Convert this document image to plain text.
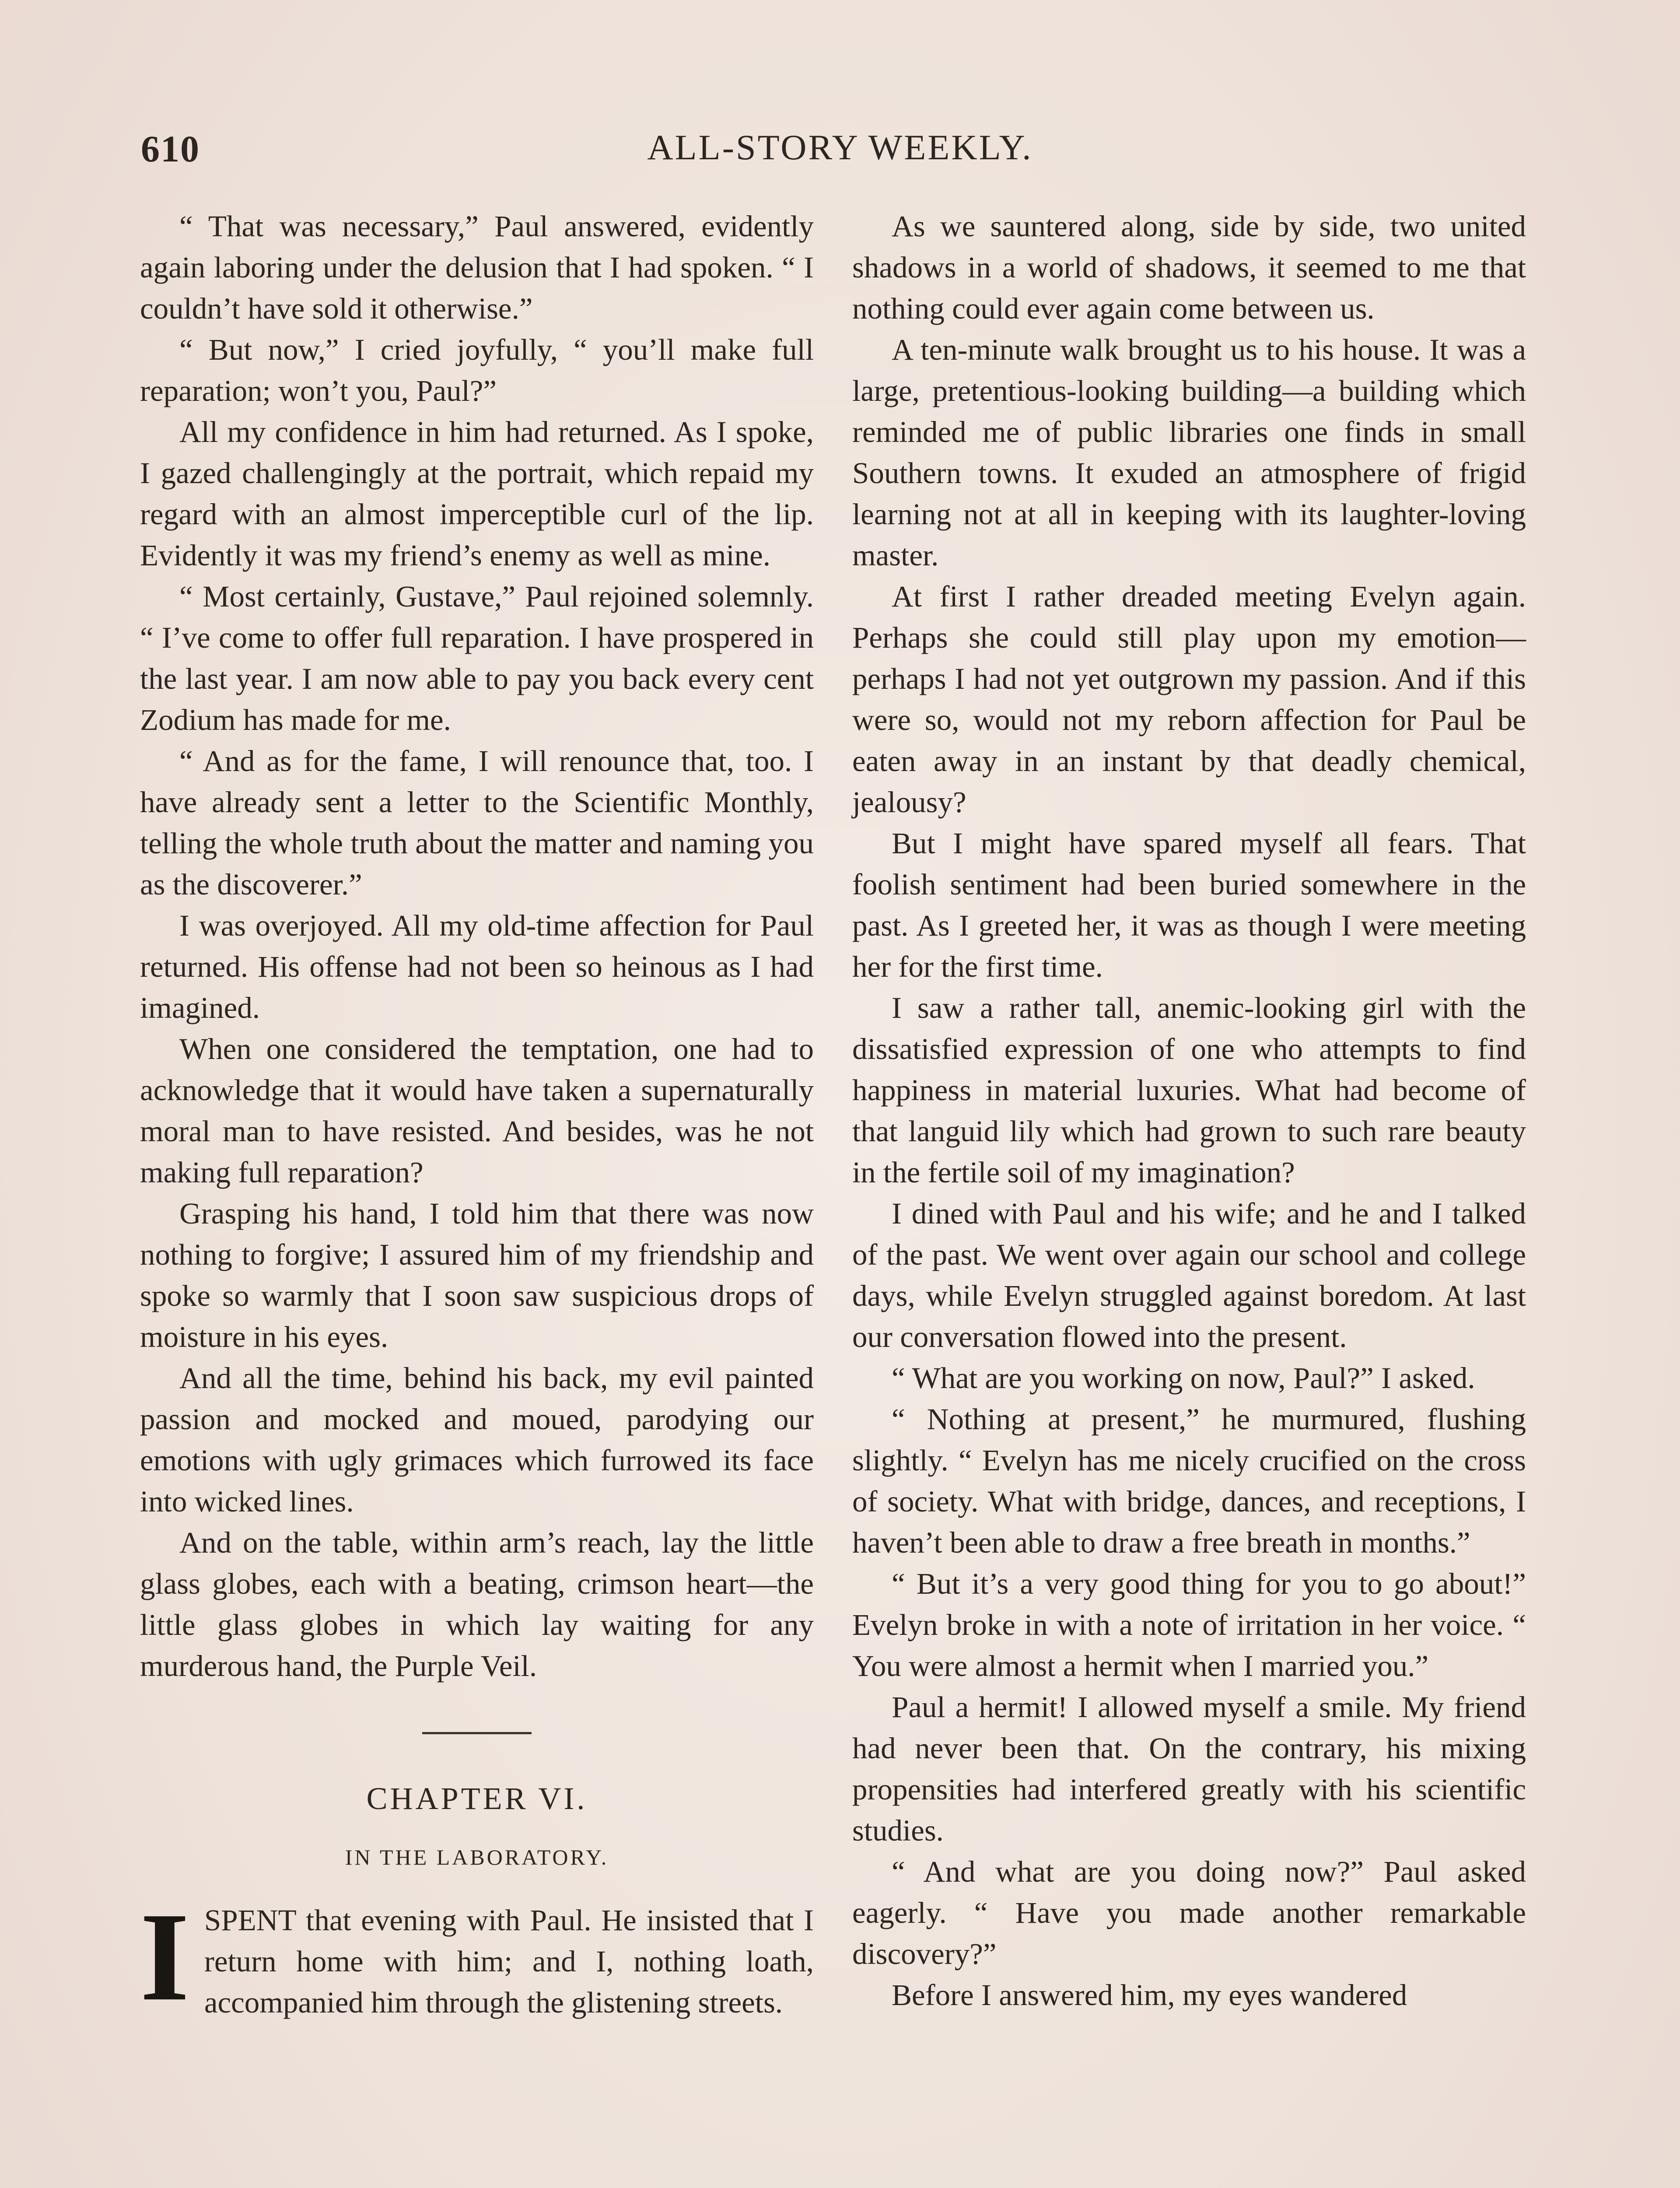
610	ALL-STORY WEEKLY.

“ That was necessary,” Paul answered, evidently again laboring under the delusion that I had spoken. “ I couldn’t have sold it otherwise.”

“ But now,” I cried joyfully, “ you’ll make full reparation; won’t you, Paul?”

All my confidence in him had returned. As I spoke, I gazed challengingly at the portrait, which repaid my regard with an almost imperceptible curl of the lip. Evidently it was my friend’s enemy as well as mine.

“ Most certainly, Gustave,” Paul rejoined solemnly. “ I’ve come to offer full reparation. I have prospered in the last year. I am now able to pay you back every cent Zodium has made for me.

“ And as for the fame, I will renounce that, too. I have already sent a letter to the Scientific Monthly, telling the whole truth about the matter and naming you as the discoverer.”

I was overjoyed. All my old-time affection for Paul returned. His offense had not been so heinous as I had imagined.

When one considered the temptation, one had to acknowledge that it would have taken a supernaturally moral man to have resisted. And besides, was he not making full reparation?

Grasping his hand, I told him that there was now nothing to forgive; I assured him of my friendship and spoke so warmly that I soon saw suspicious drops of moisture in his eyes.

And all the time, behind his back, my evil painted passion and mocked and moued, parodying our emotions with ugly grimaces which furrowed its face into wicked lines.

And on the table, within arm’s reach, lay the little glass globes, each with a beating, crimson heart—the little glass globes in which lay waiting for any murderous hand, the Purple Veil.

CHAPTER VI.

IN THE LABORATORY.

ISPENT that evening with Paul. He insisted that I return home with him; and I, nothing loath, accompanied him through the glistening streets.

As we sauntered along, side by side, two united shadows in a world of shadows, it seemed to me that nothing could ever again come between us.

A ten-minute walk brought us to his house. It was a large, pretentious-looking building—a building which reminded me of public libraries one finds in small Southern towns. It exuded an atmosphere of frigid learning not at all in keeping with its laughter-loving master.

At first I rather dreaded meeting Evelyn again. Perhaps she could still play upon my emotion—perhaps I had not yet outgrown my passion. And if this were so, would not my reborn affection for Paul be eaten away in an instant by that deadly chemical, jealousy?

But I might have spared myself all fears. That foolish sentiment had been buried somewhere in the past. As I greeted her, it was as though I were meeting her for the first time.

I saw a rather tall, anemic-looking girl with the dissatisfied expression of one who attempts to find happiness in material luxuries. What had become of that languid lily which had grown to such rare beauty in the fertile soil of my imagination?

I dined with Paul and his wife; and he and I talked of the past. We went over again our school and college days, while Evelyn struggled against boredom. At last our conversation flowed into the present.

“ What are you working on now, Paul?” I asked.

“ Nothing at present,” he murmured, flushing slightly. “ Evelyn has me nicely crucified on the cross of society. What with bridge, dances, and receptions, I haven’t been able to draw a free breath in months.”

“ But it’s a very good thing for you to go about!” Evelyn broke in with a note of irritation in her voice. “ You were almost a hermit when I married you.”

Paul a hermit! I allowed myself a smile. My friend had never been that. On the contrary, his mixing propensities had interfered greatly with his scientific studies.

“ And what are you doing now?” Paul asked eagerly. “ Have you made another remarkable discovery?”

Before I answered him, my eyes wandered
